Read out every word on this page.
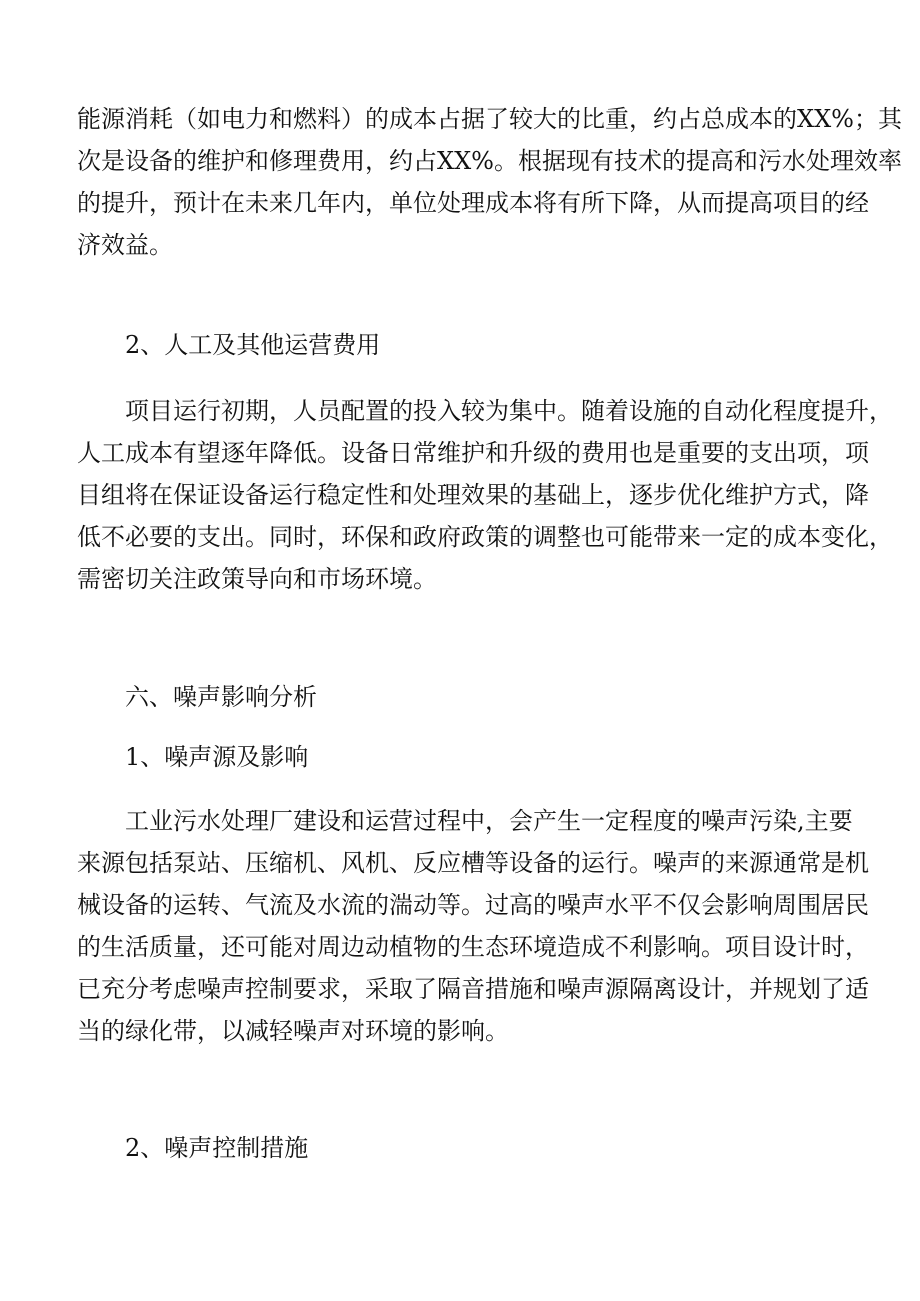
能源消耗（如电力和燃料）的成本占据了较大的比重，约占总成本的XX%；其
次是设备的维护和修理费用，约占XX%。根据现有技术的提高和污水处理效率
的提升，预计在未来几年内，单位处理成本将有所下降，从而提高项目的经
济效益。
2、人工及其他运营费用
项目运行初期，人员配置的投入较为集中。随着设施的自动化程度提升，
人工成本有望逐年降低。设备日常维护和升级的费用也是重要的支出项，项
目组将在保证设备运行稳定性和处理效果的基础上，逐步优化维护方式，降
低不必要的支出。同时，环保和政府政策的调整也可能带来一定的成本变化，
需密切关注政策导向和市场环境。
六、噪声影响分析
1、噪声源及影响
工业污水处理厂建设和运营过程中，会产生一定程度的噪声污染,主要
来源包括泵站、压缩机、风机、反应槽等设备的运行。噪声的来源通常是机
械设备的运转、气流及水流的湍动等。过高的噪声水平不仅会影响周围居民
的生活质量，还可能对周边动植物的生态环境造成不利影响。项目设计时，
已充分考虑噪声控制要求，采取了隔音措施和噪声源隔离设计，并规划了适
当的绿化带，以减轻噪声对环境的影响。
2、噪声控制措施
